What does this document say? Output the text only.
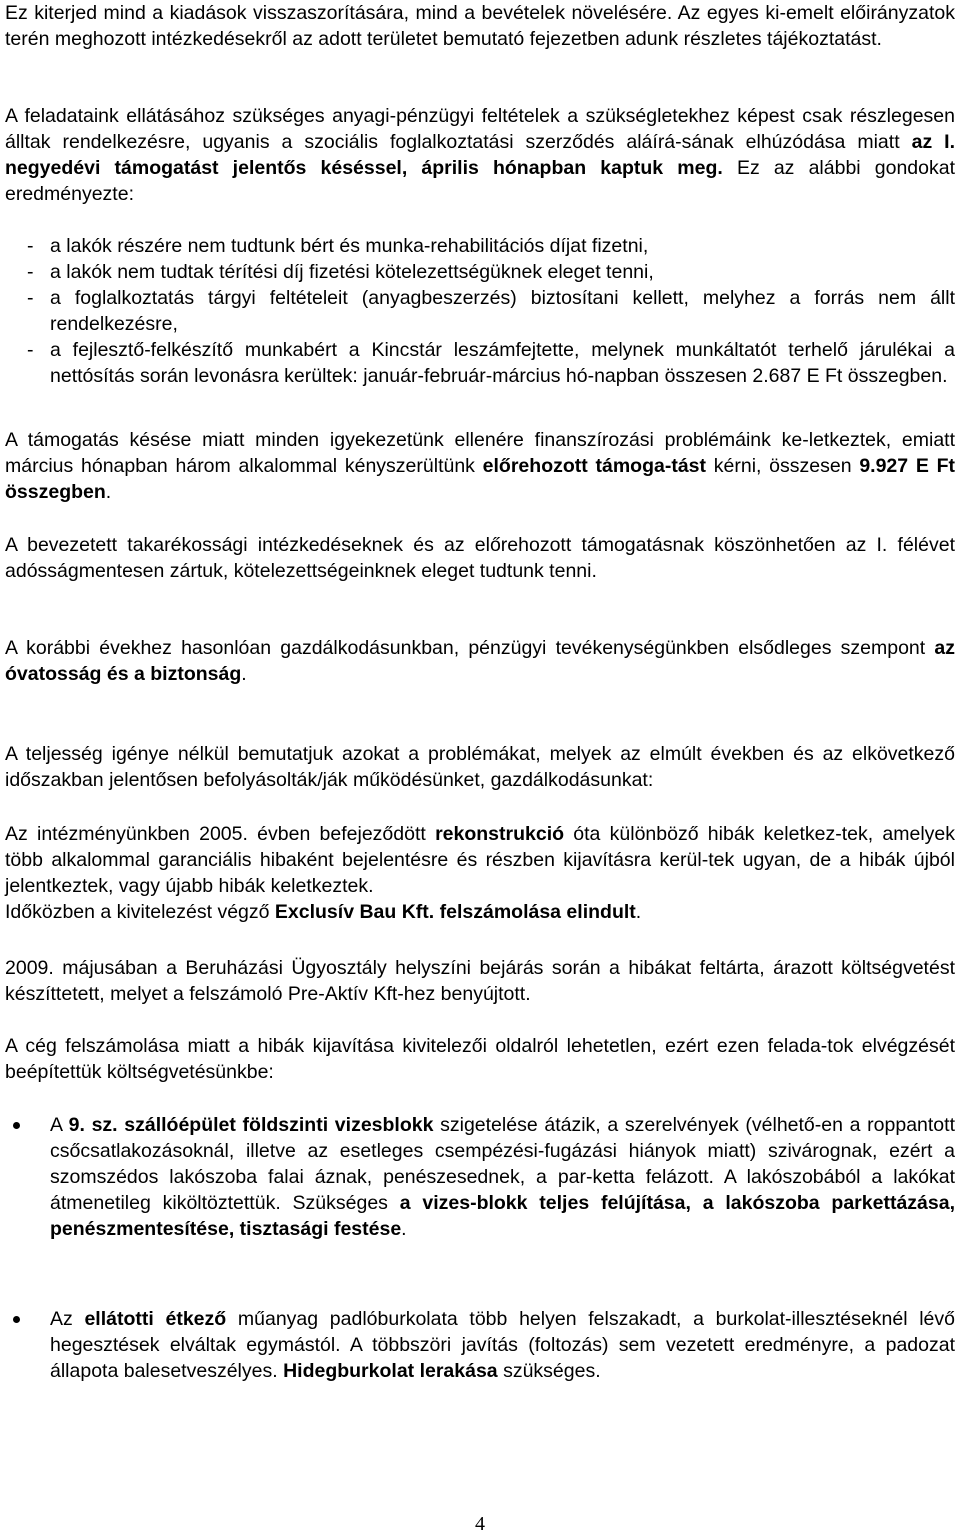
Ez kiterjed mind a kiadások visszaszorítására, mind a bevételek növelésére. Az egyes ki-emelt előirányzatok terén meghozott intézkedésekről az adott területet bemutató fejezetben adunk részletes tájékoztatást.

A feladataink ellátásához szükséges anyagi-pénzügyi feltételek a szükségletekhez képest csak részlegesen álltak rendelkezésre, ugyanis a szociális foglalkoztatási szerződés aláírá-sának elhúzódása miatt az I. negyedévi támogatást jelentős késéssel, április hónapban kaptuk meg. Ez az alábbi gondokat eredményezte:

- a lakók részére nem tudtunk bért és munka-rehabilitációs díjat fizetni,
- a lakók nem tudtak térítési díj fizetési kötelezettségüknek eleget tenni,
- a foglalkoztatás tárgyi feltételeit (anyagbeszerzés) biztosítani kellett, melyhez a forrás nem állt rendelkezésre,
- a fejlesztő-felkészítő munkabért a Kincstár leszámfejtette, melynek munkáltatót terhelő járulékai a nettósítás során levonásra kerültek: január-február-március hó-napban összesen 2.687 E Ft összegben.

A támogatás késése miatt minden igyekezetünk ellenére finanszírozási problémáink ke-letkeztek, emiatt március hónapban három alkalommal kényszerültünk előrehozott támoga-tást kérni, összesen 9.927 E Ft összegben.

A bevezetett takarékossági intézkedéseknek és az előrehozott támogatásnak köszönhetően az I. félévet adósságmentesen zártuk, kötelezettségeinknek eleget tudtunk tenni.

A korábbi évekhez hasonlóan gazdálkodásunkban, pénzügyi tevékenységünkben elsődleges szempont az óvatosság és a biztonság.

A teljesség igénye nélkül bemutatjuk azokat a problémákat, melyek az elmúlt években és az elkövetkező időszakban jelentősen befolyásolták/ják működésünket, gazdálkodásunkat:

Az intézményünkben 2005. évben befejeződött rekonstrukció óta különböző hibák keletkez-tek, amelyek több alkalommal garanciális hibaként bejelentésre és részben kijavításra kerül-tek ugyan, de a hibák újból jelentkeztek, vagy újabb hibák keletkeztek.

Időközben a kivitelezést végző Exclusív Bau Kft. felszámolása elindult.

2009. májusában a Beruházási Ügyosztály helyszíni bejárás során a hibákat feltárta, árazott költségvetést készíttetett, melyet a felszámoló Pre-Aktív Kft-hez benyújtott.

A cég felszámolása miatt a hibák kijavítása kivitelezői oldalról lehetetlen, ezért ezen felada-tok elvégzését beépítettük költségvetésünkbe:

A 9. sz. szállóépület földszinti vizesblokk szigetelése átázik, a szerelvények (vélhető-en a roppantott csőcsatlakozásoknál, illetve az esetleges csempézési-fugázási hiányok miatt) szivárognak, ezért a szomszédos lakószoba falai áznak, penészesednek, a par-ketta felázott. A lakószobából a lakókat átmenetileg kiköltöztettük. Szükséges a vizes-blokk teljes felújítása, a lakószoba parkettázása, penészmentesítése, tisztasági festése.
Az ellátotti étkező műanyag padlóburkolata több helyen felszakadt, a burkolat-illesztéseknél lévő hegesztések elváltak egymástól. A többszöri javítás (foltozás) sem vezetett eredményre, a padozat állapota balesetveszélyes. Hidegburkolat lerakása szükséges.
4
